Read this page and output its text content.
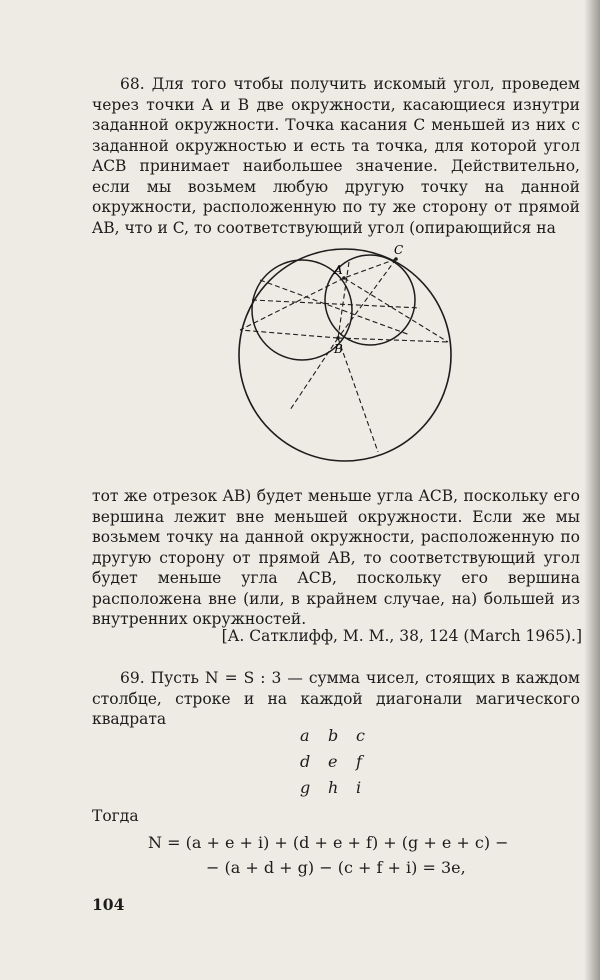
68. Для того чтобы получить искомый угол, проведем через точки A и B две окружности, касающиеся изнутри заданной окружности. Точка касания C меньшей из них с заданной окружностью и есть та точка, для которой угол ACB принимает наибольшее значение. Действительно, если мы возьмем любую другую точку на данной окружности, расположенную по ту же сторону от прямой AB, что и C, то соответствующий угол (опирающийся на

A
B
C

тот же отрезок AB) будет меньше угла ACB, поскольку его вершина лежит вне меньшей окружности. Если же мы возьмем точку на данной окружности, расположенную по другую сторону от прямой AB, то соответствующий угол будет меньше угла ACB, поскольку его вершина расположена вне (или, в крайнем случае, на) большей из внутренних окружностей.

[А. Сатклифф, M. M., 38, 124 (March 1965).]

69. Пусть N = S : 3 — сумма чисел, стоящих в каждом столбце, строке и на каждой диагонали магического квадрата

a b c
d e f
g h i
Тогда
N = (a + e + i) + (d + e + f) + (g + e + c) −
− (a + d + g) − (c + f + i) = 3e,
104
